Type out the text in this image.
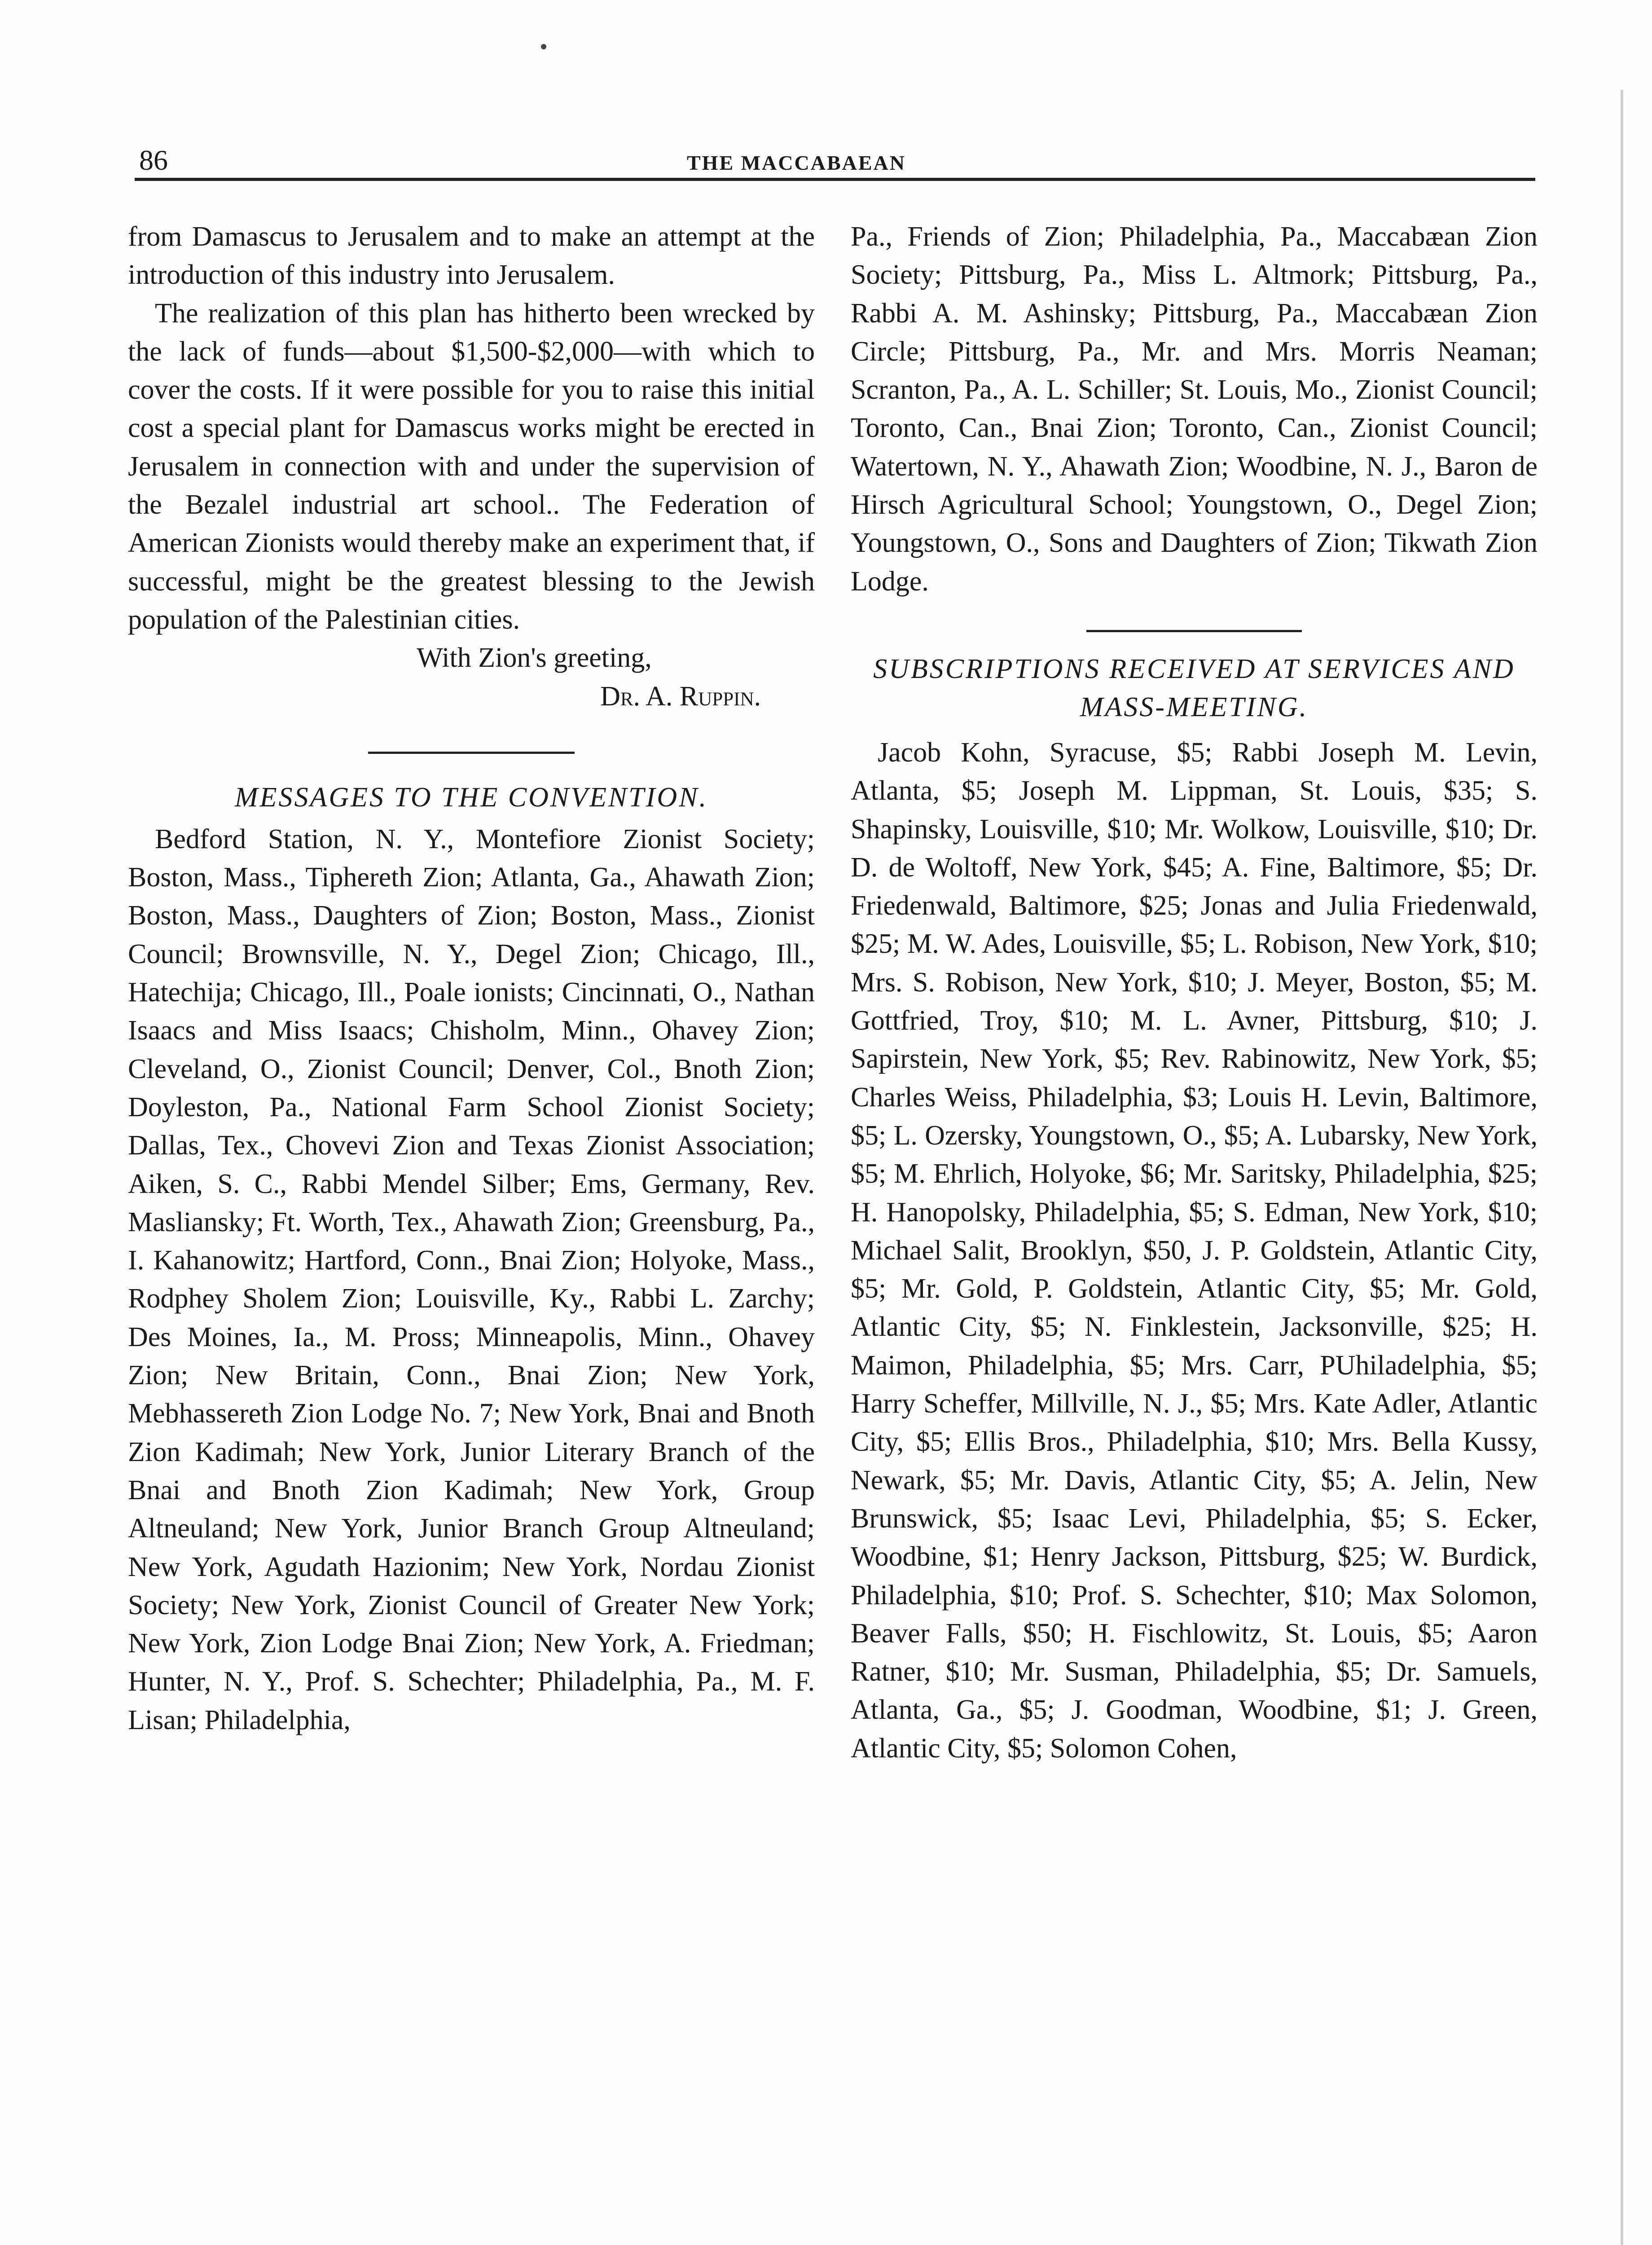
86	THE MACCABAEAN

from Damascus to Jerusalem and to make an attempt at the introduction of this industry into Jerusalem.

The realization of this plan has hitherto been wrecked by the lack of funds—about $1,500-$2,000—with which to cover the costs. If it were possible for you to raise this initial cost a special plant for Damascus works might be erected in Jerusalem in connection with and under the supervision of the Bezalel industrial art school.. The Federation of American Zionists would thereby make an experiment that, if successful, might be the greatest blessing to the Jewish population of the Palestinian cities.

With Zion's greeting,

Dr. A. Ruppin.

MESSAGES TO THE CONVENTION.

Bedford Station, N. Y., Montefiore Zionist Society; Boston, Mass., Tiphereth Zion; Atlanta, Ga., Ahawath Zion; Boston, Mass., Daughters of Zion; Boston, Mass., Zionist Council; Brownsville, N. Y., Degel Zion; Chicago, Ill., Hatechija; Chicago, Ill., Poale ionists; Cincinnati, O., Nathan Isaacs and Miss Isaacs; Chisholm, Minn., Ohavey Zion; Cleveland, O., Zionist Council; Denver, Col., Bnoth Zion; Doyleston, Pa., National Farm School Zionist Society; Dallas, Tex., Chovevi Zion and Texas Zionist Association; Aiken, S. C., Rabbi Mendel Silber; Ems, Germany, Rev. Masliansky; Ft. Worth, Tex., Ahawath Zion; Greensburg, Pa., I. Kahanowitz; Hartford, Conn., Bnai Zion; Holyoke, Mass., Rodphey Sholem Zion; Louisville, Ky., Rabbi L. Zarchy; Des Moines, Ia., M. Pross; Minneapolis, Minn., Ohavey Zion; New Britain, Conn., Bnai Zion; New York, Mebhassereth Zion Lodge No. 7; New York, Bnai and Bnoth Zion Kadimah; New York, Junior Literary Branch of the Bnai and Bnoth Zion Kadimah; New York, Group Altneuland; New York, Junior Branch Group Altneuland; New York, Agudath Hazionim; New York, Nordau Zionist Society; New York, Zionist Council of Greater New York; New York, Zion Lodge Bnai Zion; New York, A. Friedman; Hunter, N. Y., Prof. S. Schechter; Philadelphia, Pa., M. F. Lisan; Philadelphia,

Pa., Friends of Zion; Philadelphia, Pa., Maccabæan Zion Society; Pittsburg, Pa., Miss L. Altmork; Pittsburg, Pa., Rabbi A. M. Ashinsky; Pittsburg, Pa., Maccabæan Zion Circle; Pittsburg, Pa., Mr. and Mrs. Morris Neaman; Scranton, Pa., A. L. Schiller; St. Louis, Mo., Zionist Council; Toronto, Can., Bnai Zion; Toronto, Can., Zionist Council; Watertown, N. Y., Ahawath Zion; Woodbine, N. J., Baron de Hirsch Agricultural School; Youngstown, O., Degel Zion; Youngstown, O., Sons and Daughters of Zion; Tikwath Zion Lodge.

SUBSCRIPTIONS RECEIVED AT SERVICES AND MASS-MEETING.

Jacob Kohn, Syracuse, $5; Rabbi Joseph M. Levin, Atlanta, $5; Joseph M. Lippman, St. Louis, $35; S. Shapinsky, Louisville, $10; Mr. Wolkow, Louisville, $10; Dr. D. de Woltoff, New York, $45; A. Fine, Baltimore, $5; Dr. Friedenwald, Baltimore, $25; Jonas and Julia Friedenwald, $25; M. W. Ades, Louisville, $5; L. Robison, New York, $10; Mrs. S. Robison, New York, $10; J. Meyer, Boston, $5; M. Gottfried, Troy, $10; M. L. Avner, Pittsburg, $10; J. Sapirstein, New York, $5; Rev. Rabinowitz, New York, $5; Charles Weiss, Philadelphia, $3; Louis H. Levin, Baltimore, $5; L. Ozersky, Youngstown, O., $5; A. Lubarsky, New York, $5; M. Ehrlich, Holyoke, $6; Mr. Saritsky, Philadelphia, $25; H. Hanopolsky, Philadelphia, $5; S. Edman, New York, $10; Michael Salit, Brooklyn, $50, J. P. Goldstein, Atlantic City, $5; Mr. Gold, P. Goldstein, Atlantic City, $5; Mr. Gold, Atlantic City, $5; N. Finklestein, Jacksonville, $25; H. Maimon, Philadelphia, $5; Mrs. Carr, PUhiladelphia, $5; Harry Scheffer, Millville, N. J., $5; Mrs. Kate Adler, Atlantic City, $5; Ellis Bros., Philadelphia, $10; Mrs. Bella Kussy, Newark, $5; Mr. Davis, Atlantic City, $5; A. Jelin, New Brunswick, $5; Isaac Levi, Philadelphia, $5; S. Ecker, Woodbine, $1; Henry Jackson, Pittsburg, $25; W. Burdick, Philadelphia, $10; Prof. S. Schechter, $10; Max Solomon, Beaver Falls, $50; H. Fischlowitz, St. Louis, $5; Aaron Ratner, $10; Mr. Susman, Philadelphia, $5; Dr. Samuels, Atlanta, Ga., $5; J. Goodman, Woodbine, $1; J. Green, Atlantic City, $5; Solomon Cohen,
